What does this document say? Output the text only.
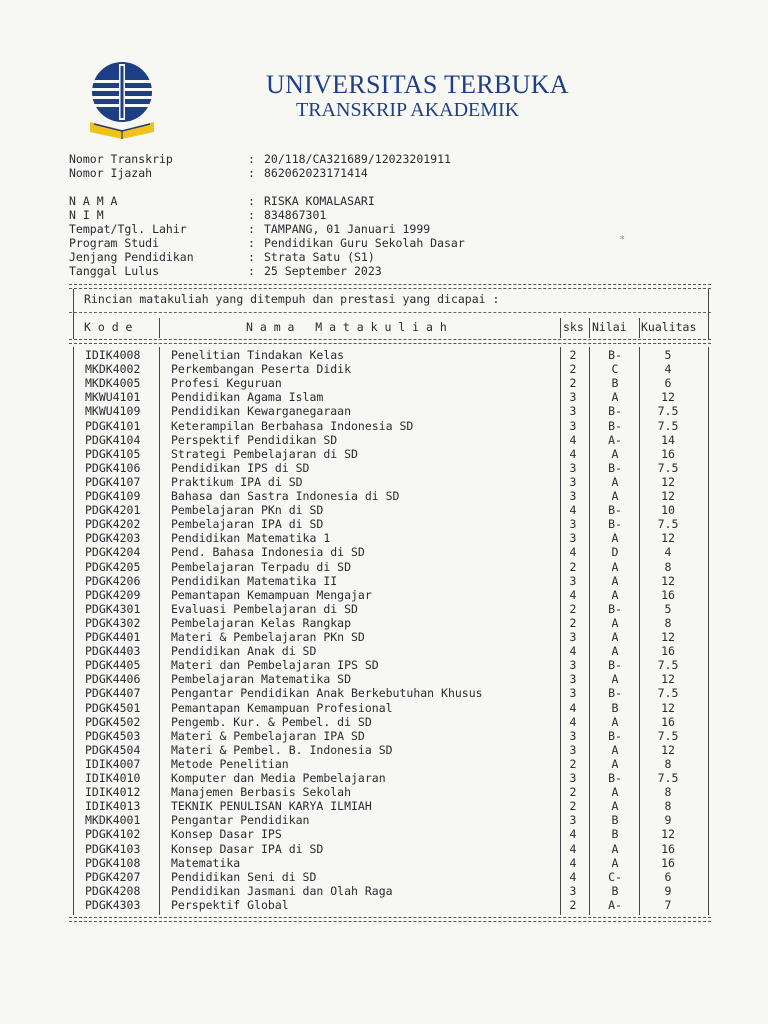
UNIVERSITAS TERBUKA
TRANSKRIP AKADEMIK
Nomor Transkrip	: 20/118/CA321689/12023201911
Nomor Ijazah	: 862062023171414
N A M A	: RISKA KOMALASARI
N I M	: 834867301
Tempat/Tgl. Lahir	: TAMPANG, 01 Januari 1999
Program Studi	: Pendidikan Guru Sekolah Dasar
Jenjang Pendidikan	: Strata Satu (S1)
Tanggal Lulus	: 25 September 2023
Rincian matakuliah yang ditempuh dan prestasi yang dicapai :
K o d e	N a m a   M a t a k u l i a h	sks Nilai Kualitas
IDIK4008	Penelitian Tindakan Kelas	2	B-	5
MKDK4002	Perkembangan Peserta Didik	2	C	4
MKDK4005	Profesi Keguruan	2	B	6
MKWU4101	Pendidikan Agama Islam	3	A	12
MKWU4109	Pendidikan Kewarganegaraan	3	B-	7.5
PDGK4101	Keterampilan Berbahasa Indonesia SD	3	B-	7.5
PDGK4104	Perspektif Pendidikan SD	4	A-	14
PDGK4105	Strategi Pembelajaran di SD	4	A	16
PDGK4106	Pendidikan IPS di SD	3	B-	7.5
PDGK4107	Praktikum IPA di SD	3	A	12
PDGK4109	Bahasa dan Sastra Indonesia di SD	3	A	12
PDGK4201	Pembelajaran PKn di SD	4	B-	10
PDGK4202	Pembelajaran IPA di SD	3	B-	7.5
PDGK4203	Pendidikan Matematika 1	3	A	12
PDGK4204	Pend. Bahasa Indonesia di SD	4	D	4
PDGK4205	Pembelajaran Terpadu di SD	2	A	8
PDGK4206	Pendidikan Matematika II	3	A	12
PDGK4209	Pemantapan Kemampuan Mengajar	4	A	16
PDGK4301	Evaluasi Pembelajaran di SD	2	B-	5
PDGK4302	Pembelajaran Kelas Rangkap	2	A	8
PDGK4401	Materi & Pembelajaran PKn SD	3	A	12
PDGK4403	Pendidikan Anak di SD	4	A	16
PDGK4405	Materi dan Pembelajaran IPS SD	3	B-	7.5
PDGK4406	Pembelajaran Matematika SD	3	A	12
PDGK4407	Pengantar Pendidikan Anak Berkebutuhan Khusus	3	B-	7.5
PDGK4501	Pemantapan Kemampuan Profesional	4	B	12
PDGK4502	Pengemb. Kur. & Pembel. di SD	4	A	16
PDGK4503	Materi & Pembelajaran IPA SD	3	B-	7.5
PDGK4504	Materi & Pembel. B. Indonesia SD	3	A	12
IDIK4007	Metode Penelitian	2	A	8
IDIK4010	Komputer dan Media Pembelajaran	3	B-	7.5
IDIK4012	Manajemen Berbasis Sekolah	2	A	8
IDIK4013	TEKNIK PENULISAN KARYA ILMIAH	2	A	8
MKDK4001	Pengantar Pendidikan	3	B	9
PDGK4102	Konsep Dasar IPS	4	B	12
PDGK4103	Konsep Dasar IPA di SD	4	A	16
PDGK4108	Matematika	4	A	16
PDGK4207	Pendidikan Seni di SD	4	C-	6
PDGK4208	Pendidikan Jasmani dan Olah Raga	3	B	9
PDGK4303	Perspektif Global	2	A-	7
⁎
